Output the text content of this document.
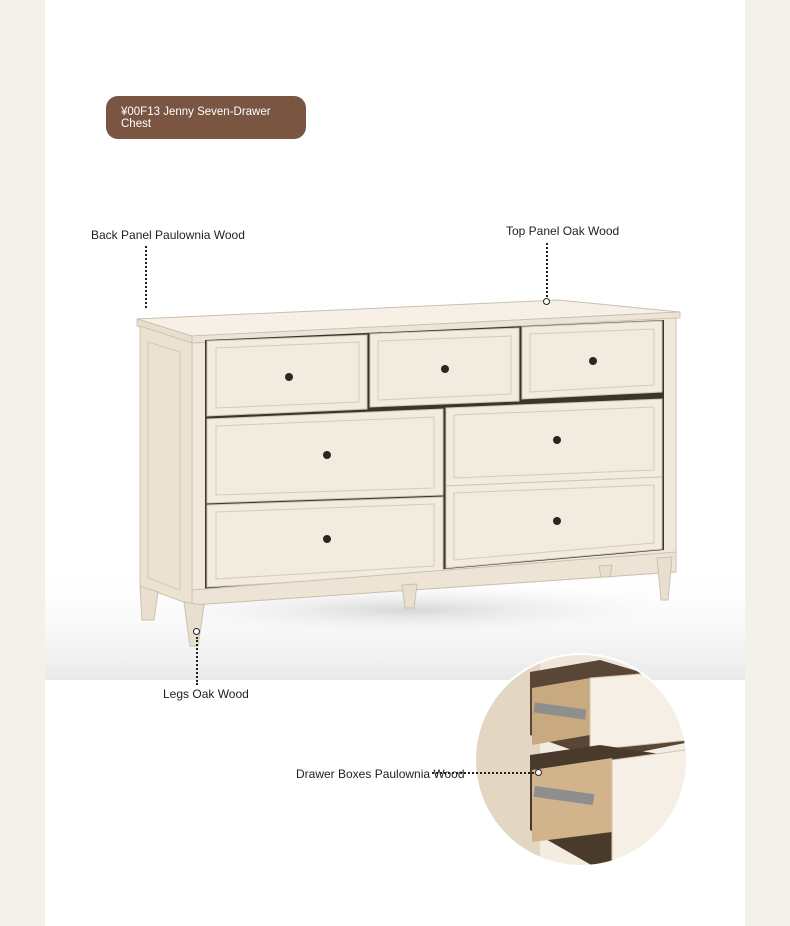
¥00F13 Jenny Seven-Drawer Chest
Back Panel Paulownia Wood	Top Panel Oak Wood
Legs Oak Wood
Drawer Boxes Paulownia Wood
